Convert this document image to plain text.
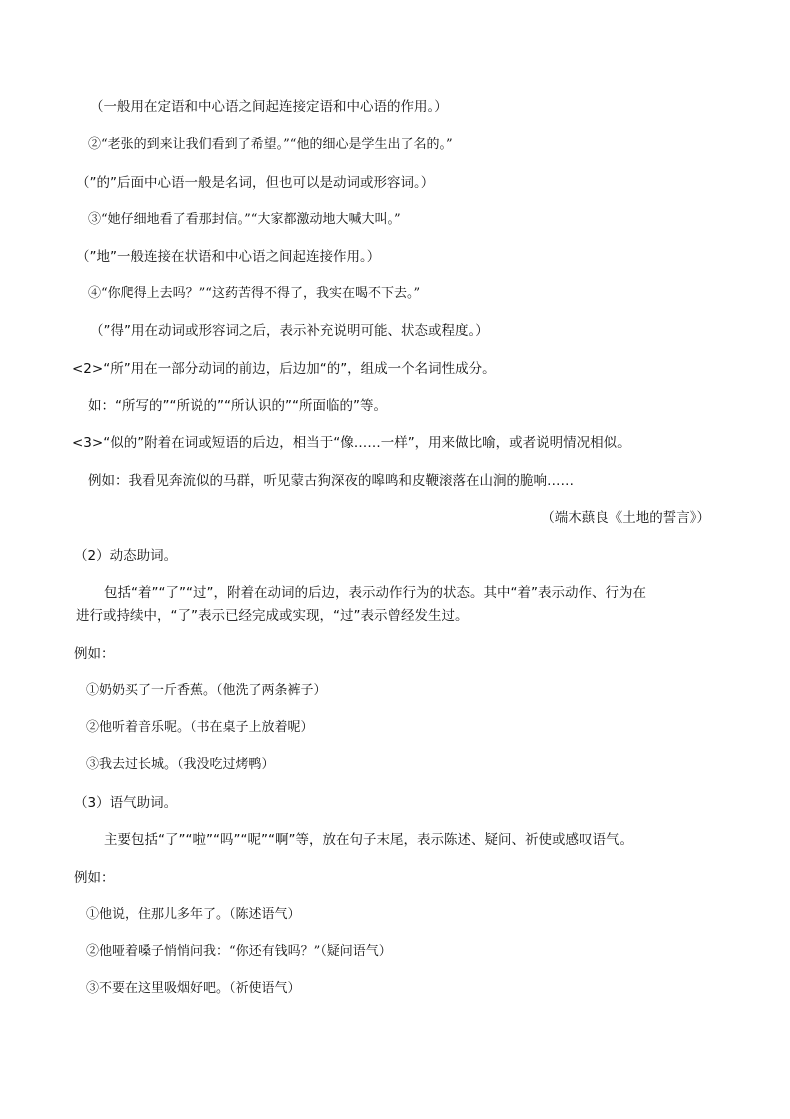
（一般用在定语和中心语之间起连接定语和中心语的作用。）
②“老张的到来让我们看到了希望。”“他的细心是学生出了名的。”
（”的”后面中心语一般是名词，但也可以是动词或形容词。）
③“她仔细地看了看那封信。”“大家都激动地大喊大叫。”
（”地”一般连接在状语和中心语之间起连接作用。）
④“你爬得上去吗？”“这药苦得不得了，我实在喝不下去。”
（”得”用在动词或形容词之后，表示补充说明可能、状态或程度。）
<2>“所”用在一部分动词的前边，后边加“的”，组成一个名词性成分。
如：“所写的”“所说的”“所认识的”“所面临的”等。
<3>“似的”附着在词或短语的后边，相当于“像……一样”，用来做比喻，或者说明情况相似。
例如：我看见奔流似的马群，听见蒙古狗深夜的嗥鸣和皮鞭滚落在山涧的脆响……
（端木蕻良《土地的誓言》）
（2）动态助词。
包括“着”“了”“过”，附着在动词的后边，表示动作行为的状态。其中“着”表示动作、行为在
进行或持续中，“了”表示已经完成或实现，“过”表示曾经发生过。
例如：
①奶奶买了一斤香蕉。（他洗了两条裤子）
②他听着音乐呢。（书在桌子上放着呢）
③我去过长城。（我没吃过烤鸭）
（3）语气助词。
主要包括“了”“啦”“吗”“呢”“啊”等，放在句子末尾，表示陈述、疑问、祈使或感叹语气。
例如：
①他说，住那儿多年了。（陈述语气）
②他哑着嗓子悄悄问我：“你还有钱吗？”（疑问语气）
③不要在这里吸烟好吧。（祈使语气）
